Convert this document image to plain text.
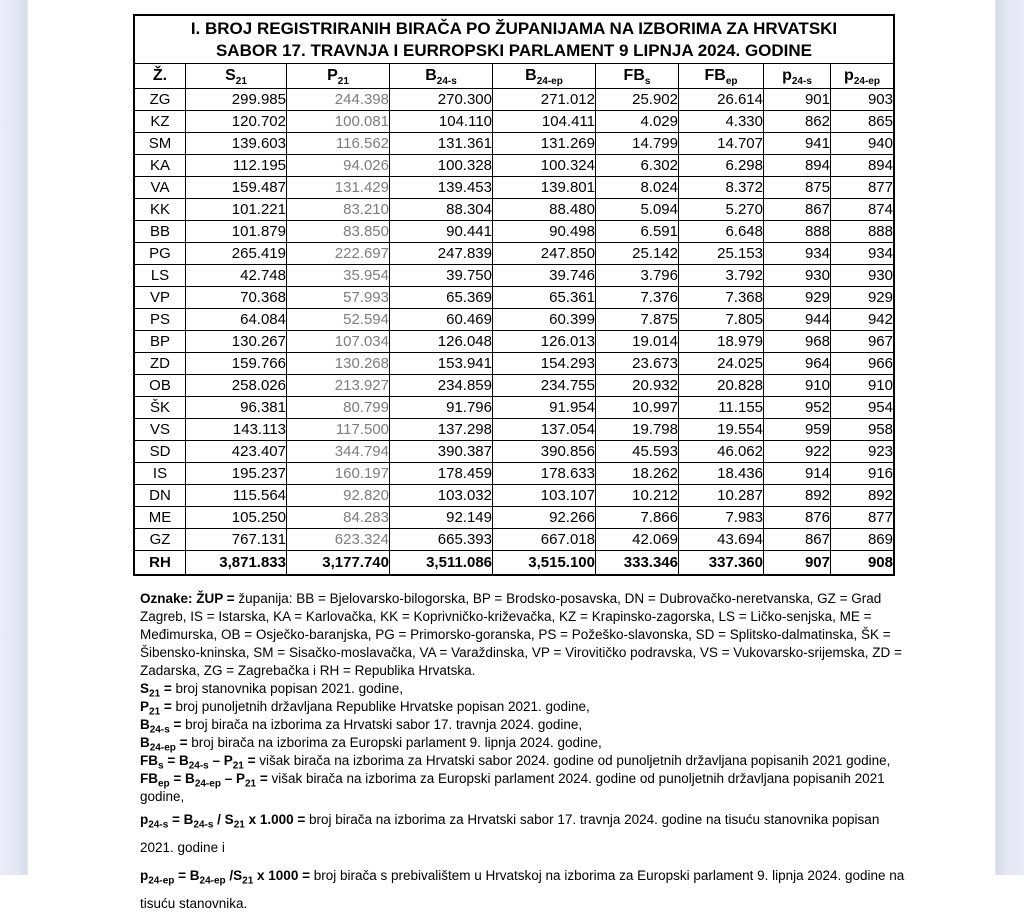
I. BROJ REGISTRIRANIH BIRAČA PO ŽUPANIJAMA NA IZBORIMA ZA HRVATSKI
SABOR 17. TRAVNJA I EURROPSKI PARLAMENT 9 LIPNJA 2024. GODINE								

Ž.	$S_{21}$	$P_{21}$	$B_{24-s}$	$B_{24-ep}$	$FB_s$	$FB_{ep}$	$p_{24-s}$	$p_{24-ep}$
ZG	299.985	244.398	270.300	271.012	25.902	26.614	901	903
KZ	120.702	100.081	104.110	104.411	4.029	4.330	862	865
SM	139.603	116.562	131.361	131.269	14.799	14.707	941	940
KA	112.195	94.026	100.328	100.324	6.302	6.298	894	894
VA	159.487	131.429	139.453	139.801	8.024	8.372	875	877
KK	101.221	83.210	88.304	88.480	5.094	5.270	867	874
BB	101.879	83.850	90.441	90.498	6.591	6.648	888	888
PG	265.419	222.697	247.839	247.850	25.142	25.153	934	934
LS	42.748	35.954	39.750	39.746	3.796	3.792	930	930
VP	70.368	57.993	65.369	65.361	7.376	7.368	929	929
PS	64.084	52.594	60.469	60.399	7.875	7.805	944	942
BP	130.267	107.034	126.048	126.013	19.014	18.979	968	967
ZD	159.766	130.268	153.941	154.293	23.673	24.025	964	966
OB	258.026	213.927	234.859	234.755	20.932	20.828	910	910
ŠK	96.381	80.799	91.796	91.954	10.997	11.155	952	954
VS	143.113	117.500	137.298	137.054	19.798	19.554	959	958
SD	423.407	344.794	390.387	390.856	45.593	46.062	922	923
IS	195.237	160.197	178.459	178.633	18.262	18.436	914	916
DN	115.564	92.820	103.032	103.107	10.212	10.287	892	892
ME	105.250	84.283	92.149	92.266	7.866	7.983	876	877
GZ	767.131	623.324	665.393	667.018	42.069	43.694	867	869
RH	3,871.833	3,177.740	3,511.086	3,515.100	333.346	337.360	907	908

Oznake: ŽUP = županija: BB = Bjelovarsko-bilogorska, BP = Brodsko-posavska, DN = Dubrovačko-neretvanska, GZ = Grad Zagreb, IS = Istarska, KA = Karlovačka, KK = Koprivničko-križevačka, KZ = Krapinsko-zagorska, LS = Ličko-senjska, ME = Međimurska, OB = Osječko-baranjska, PG = Primorsko-goranska, PS = Požeško-slavonska, SD = Splitsko-dalmatinska, ŠK = Šibensko-kninska, SM = Sisačko-moslavačka, VA = Varaždinska, VP = Virovitičko podravska, VS = Vukovarsko-srijemska, ZD = Zadarska, ZG = Zagrebačka i RH = Republika Hrvatska.

$S_{21}$ = broj stanovnika popisan 2021. godine,

$P_{21}$ = broj punoljetnih državljana Republike Hrvatske popisan 2021. godine,

$B_{24-s}$ = broj birača na izborima za Hrvatski sabor 17. travnja 2024. godine,

$B_{24-ep}$ = broj birača na izborima za Europski parlament 9. lipnja 2024. godine,

$FB_s = B_{24-s} - P_{21}$ = višak birača na izborima za Hrvatski sabor 2024. godine od punoljetnih državljana popisanih 2021 godine,

$FB_{ep} = B_{24-ep} - P_{21}$ = višak birača na izborima za Europski parlament 2024. godine od punoljetnih državljana popisanih 2021 godine,

$p_{24-s} = B_{24-s} / S_{21}$ x 1.000 = broj birača na izborima za Hrvatski sabor 17. travnja 2024. godine na tisuću stanovnika popisan 2021. godine i

$p_{24-ep} = B_{24-ep}$ $/S_{21}$ x 1000 = broj birača s prebivalištem u Hrvatskoj na izborima za Europski parlament 9. lipnja 2024. godine na tisuću stanovnika.
